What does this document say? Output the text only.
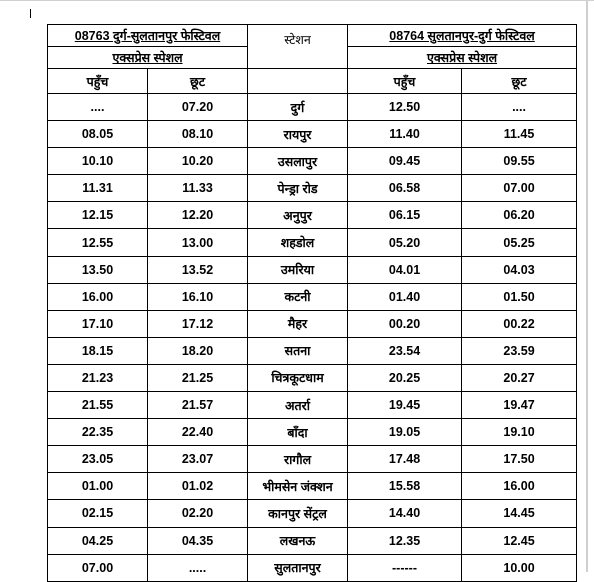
08763 दुर्ग-सुलतानपुर फेस्टिवल		स्टेशन	08764 सुलतानपुर-दुर्ग फेस्टिवल	
एक्सप्रेस स्पेशल			एक्सप्रेस स्पेशल	
पहुँच	छूट		पहुँच	छूट
....	07.20	दुर्ग	12.50	....
08.05	08.10	रायपुर	11.40	11.45
10.10	10.20	उसलापुर	09.45	09.55
11.31	11.33	पेन्ड्रा रोड	06.58	07.00
12.15	12.20	अनुपुर	06.15	06.20
12.55	13.00	शहडोल	05.20	05.25
13.50	13.52	उमरिया	04.01	04.03
16.00	16.10	कटनी	01.40	01.50
17.10	17.12	मैहर	00.20	00.22
18.15	18.20	सतना	23.54	23.59
21.23	21.25	चित्रकूटधाम	20.25	20.27
21.55	21.57	अतर्रा	19.45	19.47
22.35	22.40	बाँदा	19.05	19.10
23.05	23.07	रागौल	17.48	17.50
01.00	01.02	भीमसेन जंक्शन	15.58	16.00
02.15	02.20	कानपुर सेंट्रल	14.40	14.45
04.25	04.35	लखनऊ	12.35	12.45
07.00	.....	सुलतानपुर	------	10.00
